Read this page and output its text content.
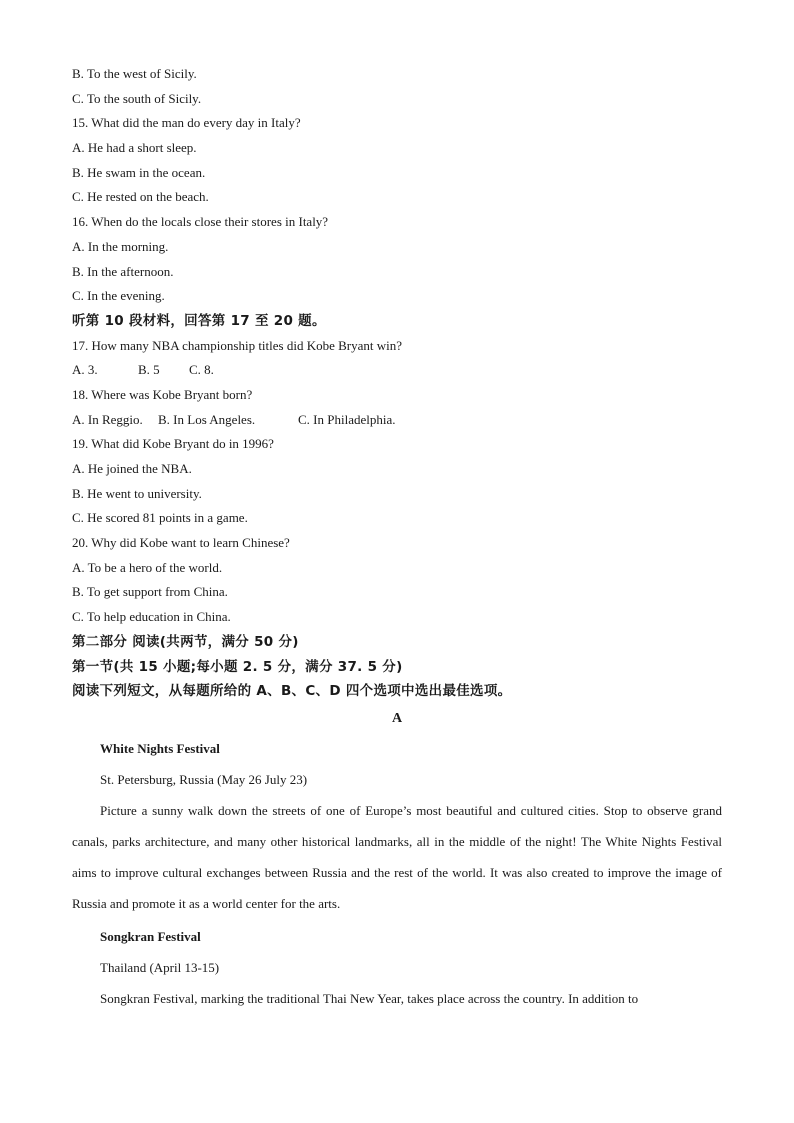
B. To the west of Sicily.
C. To the south of Sicily.
15. What did the man do every day in Italy?
A. He had a short sleep.
B. He swam in the ocean.
C. He rested on the beach.
16. When do the locals close their stores in Italy?
A. In the morning.
B. In the afternoon.
C. In the evening.
听第 10 段材料，回答第 17 至 20 题。
17. How many NBA championship titles did Kobe Bryant win?
A. 3.	B. 5 C. 8.
18. Where was Kobe Bryant born?
A. In Reggio. B. In Los Angeles.	C. In Philadelphia.
19. What did Kobe Bryant do in 1996?
A. He joined the NBA.
B. He went to university.
C. He scored 81 points in a game.
20. Why did Kobe want to learn Chinese?
A. To be a hero of the world.
B. To get support from China.
C. To help education in China.
第二部分 阅读(共两节，满分 50 分)
第一节(共 15 小题;每小题 2. 5 分，满分 37. 5 分)
阅读下列短文，从每题所给的 A、B、C、D 四个选项中选出最佳选项。
A
White Nights Festival
St. Petersburg, Russia (May 26 July 23)

Picture a sunny walk down the streets of one of Europe’s most beautiful and cultured cities. Stop to observe grand canals, parks architecture, and many other historical landmarks, all in the middle of the night! The White Nights Festival aims to improve cultural exchanges between Russia and the rest of the world. It was also created to improve the image of Russia and promote it as a world center for the arts.

Songkran Festival
Thailand (April 13-15)

Songkran Festival, marking the traditional Thai New Year, takes place across the country. In addition to
